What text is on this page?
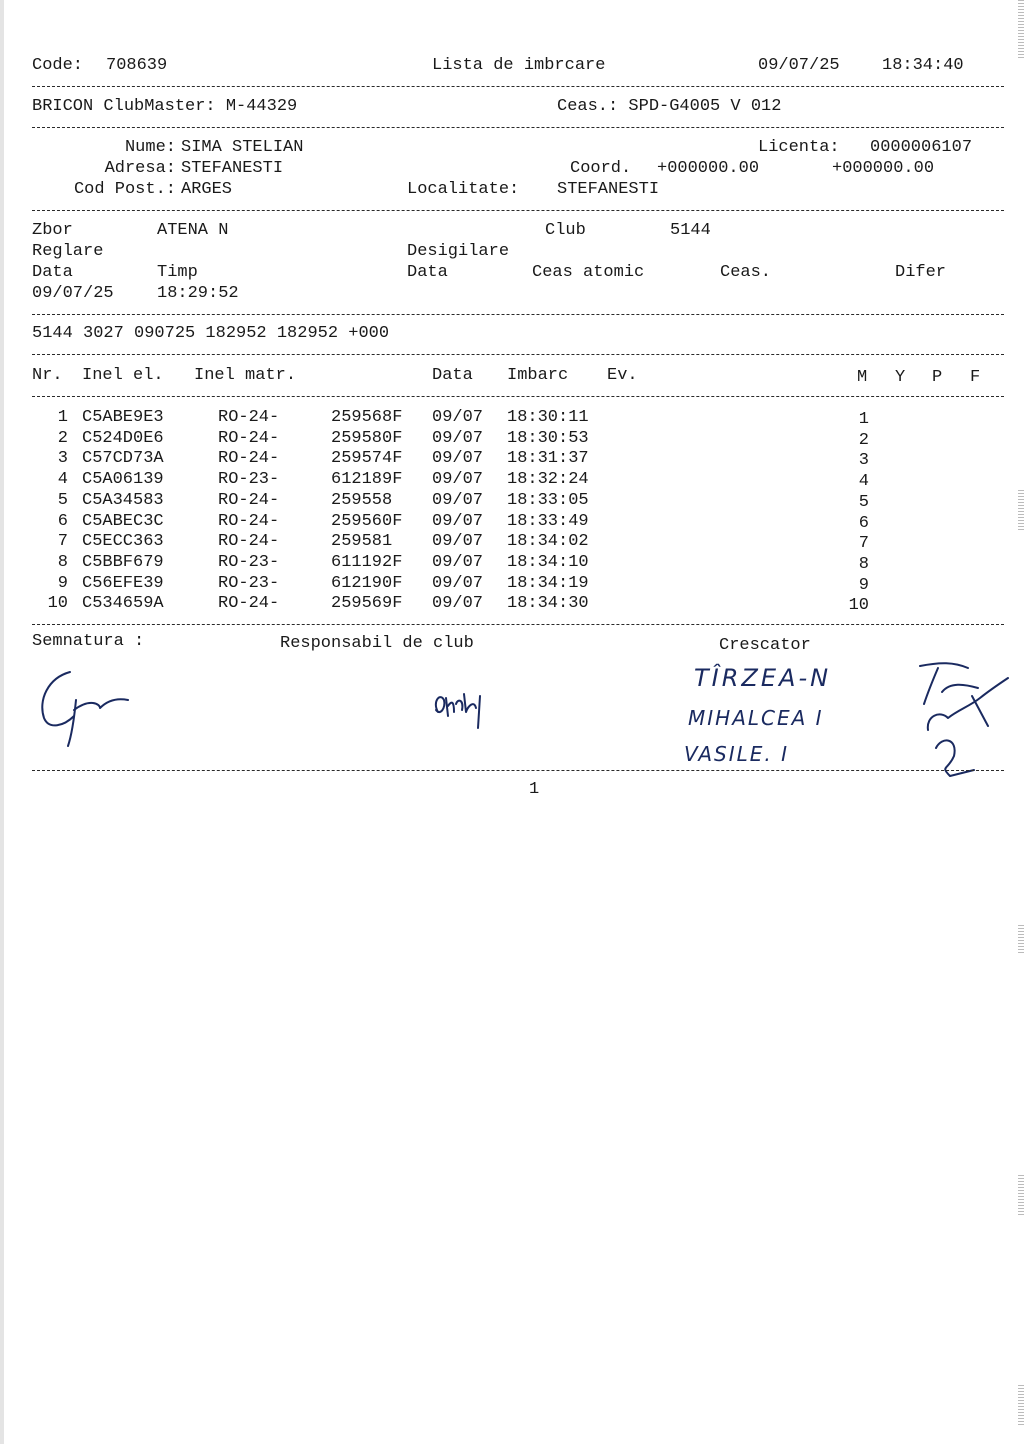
Code: 708639	Lista de imbrcare	09/07/25 18:34:40
BRICON ClubMaster: M-44329	Ceas.: SPD-G4005 V 012
Nume: SIMA STELIAN	Licenta: 0000006107
Adresa: STEFANESTI	Coord. +000000.00	+000000.00
Cod Post.: ARGES	Localitate: STEFANESTI
Zbor	ATENA N	Club	5144
Reglare	Desigilare
Data	Timp	Data	Ceas atomic	Ceas.	Difer
09/07/25	18:29:52
5144 3027 090725 182952 182952 +000
Nr. Inel el. Inel matr.	Data Imbarc Ev.	M Y P F
1 C5ABE9E3	RO-24-	259568F 09/07 18:30:11	1
2 C524D0E6	RO-24-	259580F 09/07 18:30:53	2
3 C57CD73A	RO-24-	259574F 09/07 18:31:37	3
4 C5A06139	RO-23-	612189F 09/07 18:32:24	4
5 C5A34583	RO-24-	259558 09/07 18:33:05	5
6 C5ABEC3C	RO-24-	259560F 09/07 18:33:49	6
7 C5ECC363	RO-24-	259581 09/07 18:34:02	7
8 C5BBF679	RO-23-	611192F 09/07 18:34:10	8
9 C56EFE39	RO-23-	612190F 09/07 18:34:19	9
10 C534659A	RO-24-	259569F 09/07 18:34:30	10
Semnatura :	Responsabil de club	Crescator
TÎRZEA-N
MIHALCEA I
VASILE. I
1
